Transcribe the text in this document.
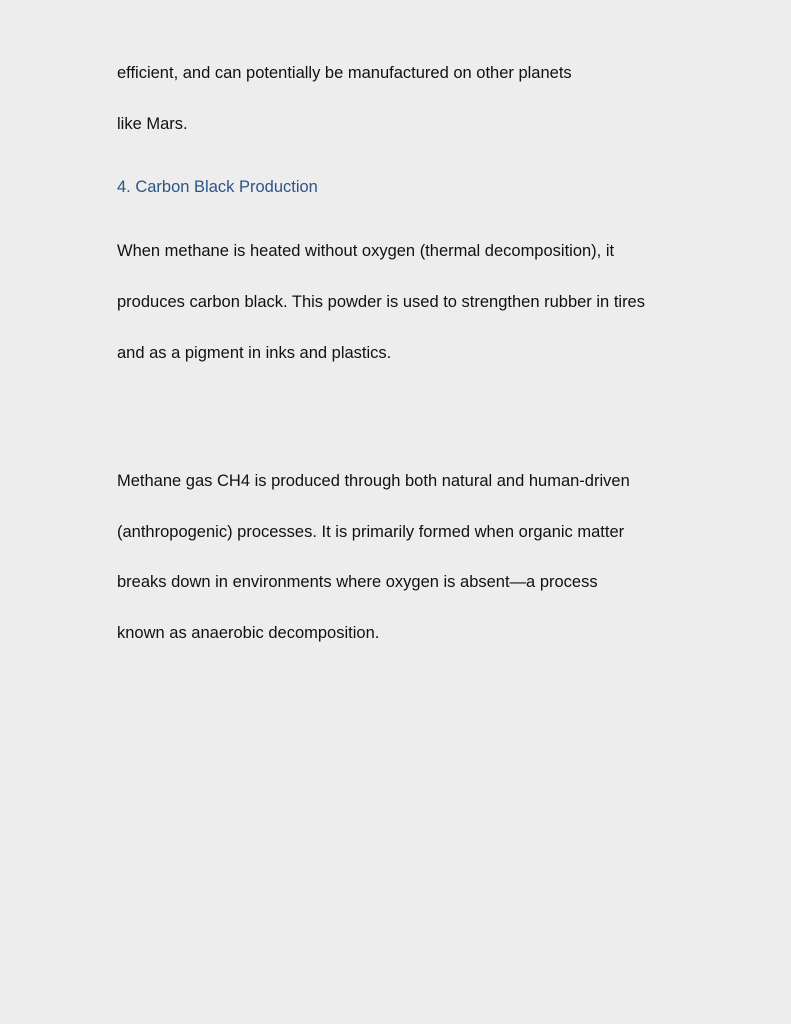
efficient, and can potentially be manufactured on other planets

like Mars.

4. Carbon Black Production

When methane is heated without oxygen (thermal decomposition), it

produces carbon black. This powder is used to strengthen rubber in tires

and as a pigment in inks and plastics.

Methane gas CH4 is produced through both natural and human-driven

(anthropogenic) processes. It is primarily formed when organic matter

breaks down in environments where oxygen is absent—a process

known as anaerobic decomposition.
